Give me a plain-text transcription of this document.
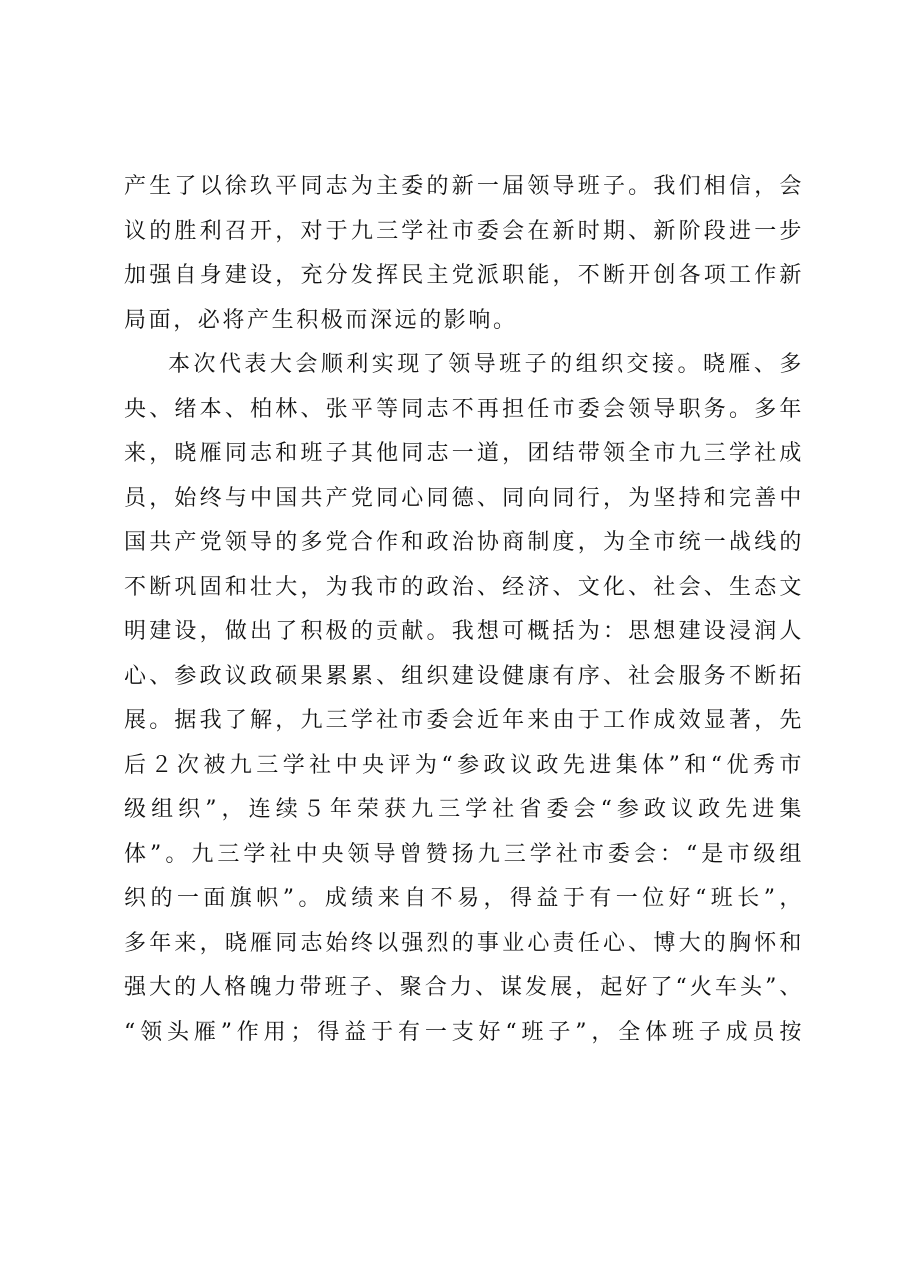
产生了以徐玖平同志为主委的新一届领导班子。我们相信，会
议的胜利召开，对于九三学社市委会在新时期、新阶段进一步
加强自身建设，充分发挥民主党派职能，不断开创各项工作新
局面，必将产生积极而深远的影响。
本次代表大会顺利实现了领导班子的组织交接。晓雁、多
央、绪本、柏林、张平等同志不再担任市委会领导职务。多年
来，晓雁同志和班子其他同志一道，团结带领全市九三学社成
员，始终与中国共产党同心同德、同向同行，为坚持和完善中
国共产党领导的多党合作和政治协商制度，为全市统一战线的
不断巩固和壮大，为我市的政治、经济、文化、社会、生态文
明建设，做出了积极的贡献。我想可概括为：思想建设浸润人
心、参政议政硕果累累、组织建设健康有序、社会服务不断拓
展。据我了解，九三学社市委会近年来由于工作成效显著，先
后２次被九三学社中央评为“参政议政先进集体”和“优秀市
级组织”，连续５年荣获九三学社省委会“参政议政先进集
体”。九三学社中央领导曾赞扬九三学社市委会：“是市级组
织的一面旗帜”。成绩来自不易，得益于有一位好“班长”，
多年来，晓雁同志始终以强烈的事业心责任心、博大的胸怀和
强大的人格魄力带班子、聚合力、谋发展，起好了“火车头”、
“领头雁”作用；得益于有一支好“班子”，全体班子成员按
